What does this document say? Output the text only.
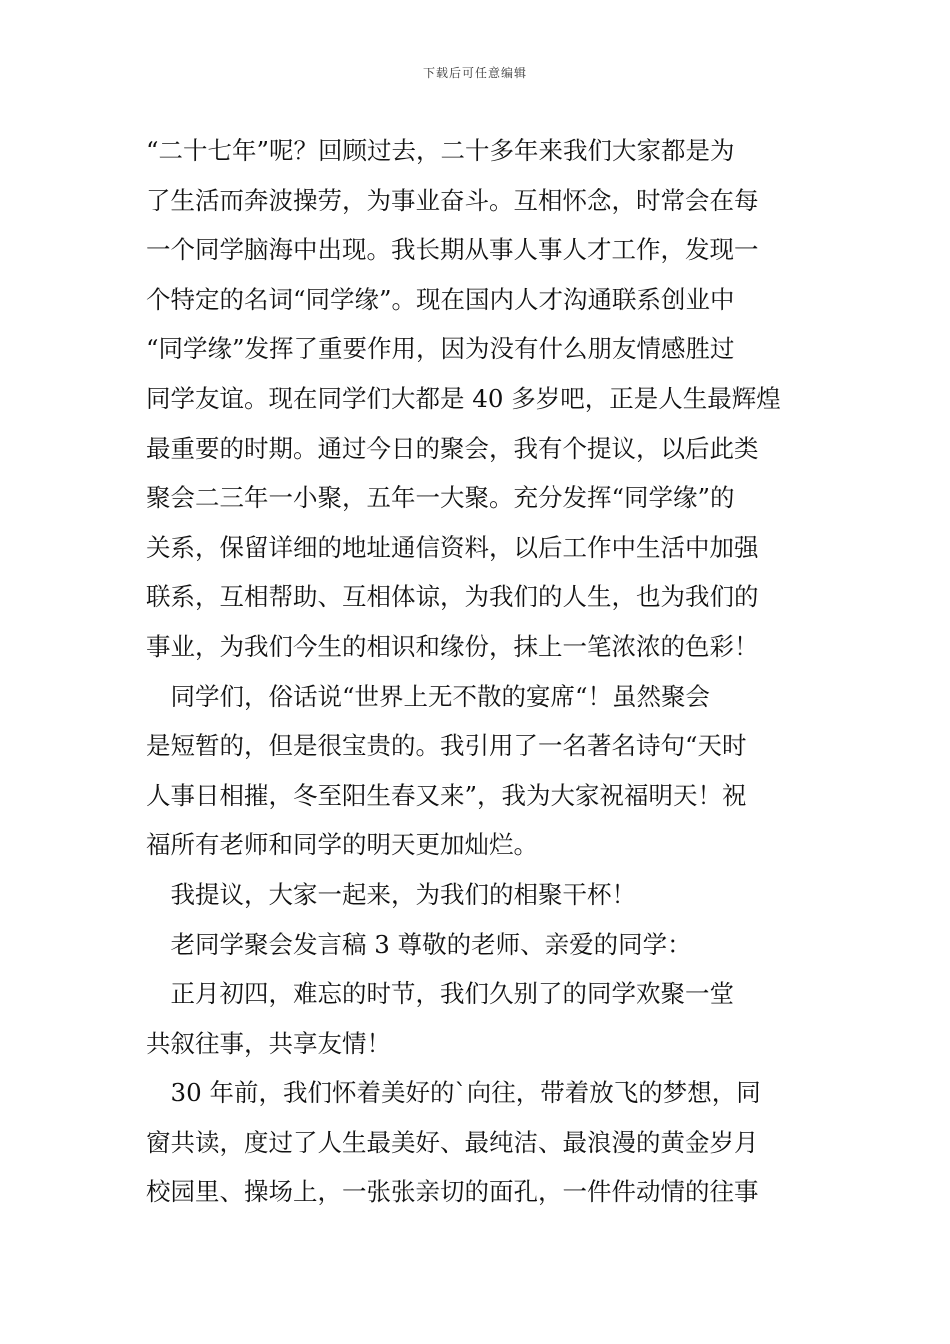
下载后可任意编辑
“二十七年”呢？回顾过去，二十多年来我们大家都是为
了生活而奔波操劳，为事业奋斗。互相怀念，时常会在每
一个同学脑海中出现。我长期从事人事人才工作，发现一
个特定的名词“同学缘”。现在国内人才沟通联系创业中
“同学缘”发挥了重要作用，因为没有什么朋友情感胜过
同学友谊。现在同学们大都是 40 多岁吧，正是人生最辉煌
最重要的时期。通过今日的聚会，我有个提议，以后此类
聚会二三年一小聚，五年一大聚。充分发挥“同学缘”的
关系，保留详细的地址通信资料，以后工作中生活中加强
联系，互相帮助、互相体谅，为我们的人生，也为我们的
事业，为我们今生的相识和缘份，抹上一笔浓浓的色彩！
　同学们，俗话说“世界上无不散的宴席“！虽然聚会
是短暂的，但是很宝贵的。我引用了一名著名诗句“天时
人事日相摧，冬至阳生春又来”，我为大家祝福明天！祝
福所有老师和同学的明天更加灿烂。
　我提议，大家一起来，为我们的相聚干杯！
　老同学聚会发言稿 3 尊敬的老师、亲爱的同学：
　正月初四，难忘的时节，我们久别了的同学欢聚一堂
共叙往事，共享友情！
　30 年前，我们怀着美好的`向往，带着放飞的梦想，同
窗共读，度过了人生最美好、最纯洁、最浪漫的黄金岁月
校园里、操场上，一张张亲切的面孔，一件件动情的往事
